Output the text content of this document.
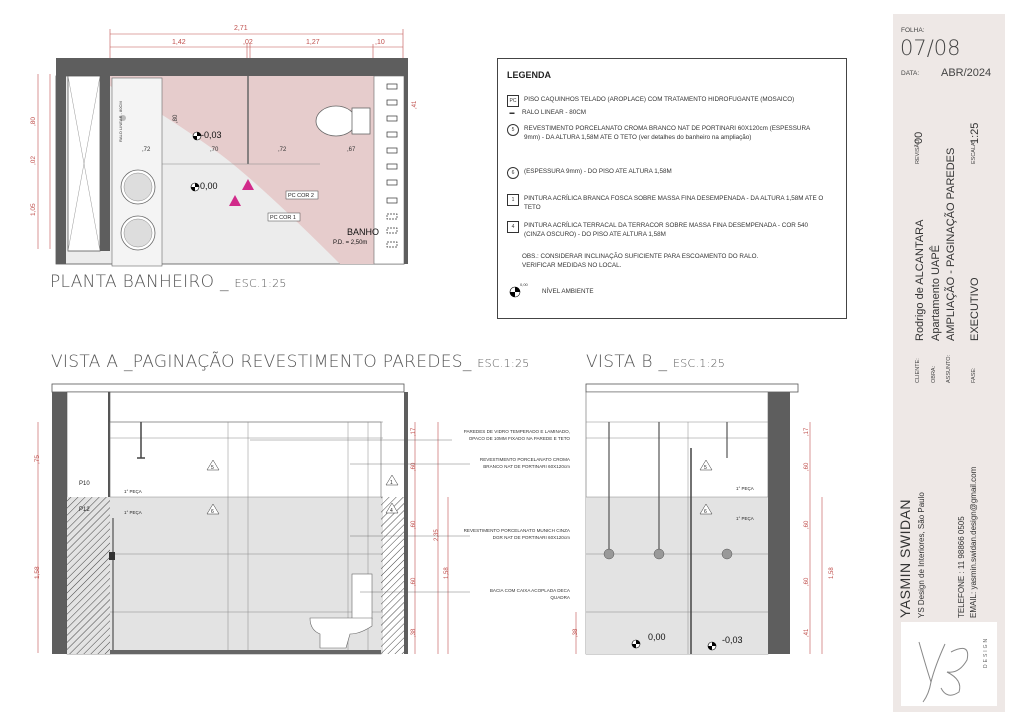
2,71
1,42	,02	1,27	,10
,80
,02
1,05
,41
,72	,70	,72	,67
,80
RALO LINEAR - 80CM	-0,03
0,00
PC COR 2
PC COR 1
BANHO
P.D. = 2,50m
PLANTA BANHEIRO _ ESC.1:25
LEGENDA
PC PISO CAQUINHOS TELADO (AROPLACE) COM TRATAMENTO HIDROFUGANTE (MOSAICO)
▬ RALO LINEAR - 80CM
5 REVESTIMENTO PORCELANATO CROMA BRANCO NAT DE PORTINARI 60X120cm (ESPESSURA 9mm) - DA ALTURA 1,58M ATE O TETO (ver detalhes do banheiro na ampliação)
6 (ESPESSURA 9mm) - DO PISO ATE ALTURA 1,58M
1 PINTURA ACRÍLICA BRANCA FOSCA SOBRE MASSA FINA DESEMPENADA - DA ALTURA 1,58M ATE O TETO
4 PINTURA ACRÍLICA TERRACAL DA TERRACOR SOBRE MASSA FINA DESEMPENADA - COR 540 (CINZA OSCURO) - DO PISO ATE ALTURA 1,58M
OBS.: CONSIDERAR INCLINAÇÃO SUFICIENTE PARA ESCOAMENTO DO RALO. VERIFICAR MEDIDAS NO LOCAL.
0,00
NÍVEL AMBIENTE
VISTA A _PAGINAÇÃO REVESTIMENTO PAREDES_ ESC.1:25
,75
1,58
P10
P12
5
6
1
4
1° PEÇA
1° PEÇA
,17
,60
,60
,60
,38
2,35
1,58
PAREDES DE VIDRO TEMPERADO E LAMINADO, OPACO DE 10MM FIXADO NA PAREDE E TETO
REVESTIMENTO PORCELANATO CROMA BRANCO NAT DE PORTINARI 60X120cm
REVESTIMENTO PORCELANATO MUNICH CINZA DGR NAT DE PORTINARI 60X120cm
BACIA COM CAIXA ACOPLADA DECA QUADRA
VISTA B _ ESC.1:25
5
6
1° PEÇA
1° PEÇA
0,00	-0,03
,38
,17
,60
,60
,60
,41
1,58
FOLHA:
07/08
DATA: ABR/2024
CLIENTE:
Rodrigo de ALCANTARA
OBRA:
Apartamento UAPÊ
ASSUNTO:
AMPLIAÇÃO - PAGINAÇÃO PAREDES
FASE:
EXECUTIVO
REVISÃO:
00
ESCALA:
1:25
YASMIN SWIDAN YS Design de Interiores, São Paulo	TELEFONE : 11 98866 0505 EMAIL: yasmin.swidan.design@gmail.com
DESIGN
